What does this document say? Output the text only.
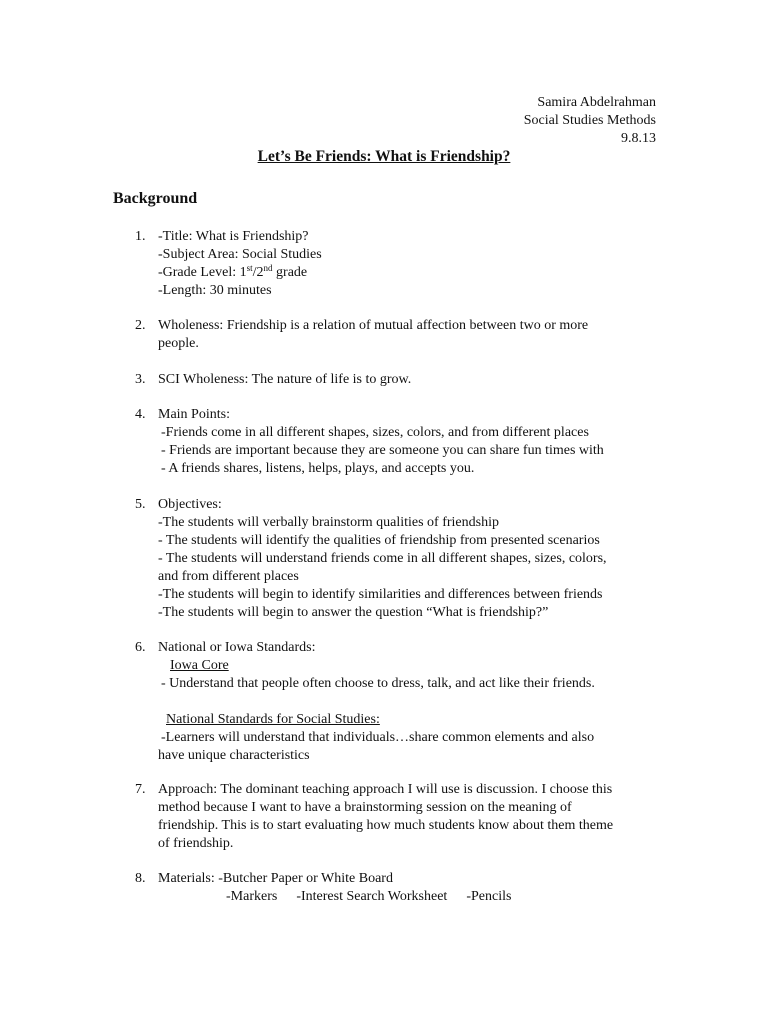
Samira Abdelrahman
Social Studies Methods
9.8.13
Let’s Be Friends: What is Friendship?
Background
1. -Title: What is Friendship?
-Subject Area: Social Studies
-Grade Level: 1st/2nd grade
-Length: 30 minutes
2. Wholeness: Friendship is a relation of mutual affection between two or more
people.
3. SCI Wholeness: The nature of life is to grow.
4. Main Points:
-Friends come in all different shapes, sizes, colors, and from different places
- Friends are important because they are someone you can share fun times with
- A friends shares, listens, helps, plays, and accepts you.
5. Objectives:
-The students will verbally brainstorm qualities of friendship
- The students will identify the qualities of friendship from presented scenarios
- The students will understand friends come in all different shapes, sizes, colors,
and from different places
-The students will begin to identify similarities and differences between friends
-The students will begin to answer the question “What is friendship?”
6. National or Iowa Standards:
Iowa Core
- Understand that people often choose to dress, talk, and act like their friends.
National Standards for Social Studies:
-Learners will understand that individuals…share common elements and also
have unique characteristics
7. Approach: The dominant teaching approach I will use is discussion. I choose this
method because I want to have a brainstorming session on the meaning of
friendship. This is to start evaluating how much students know about them theme
of friendship.
8. Materials: -Butcher Paper or White Board
-Markers -Interest Search Worksheet -Pencils
